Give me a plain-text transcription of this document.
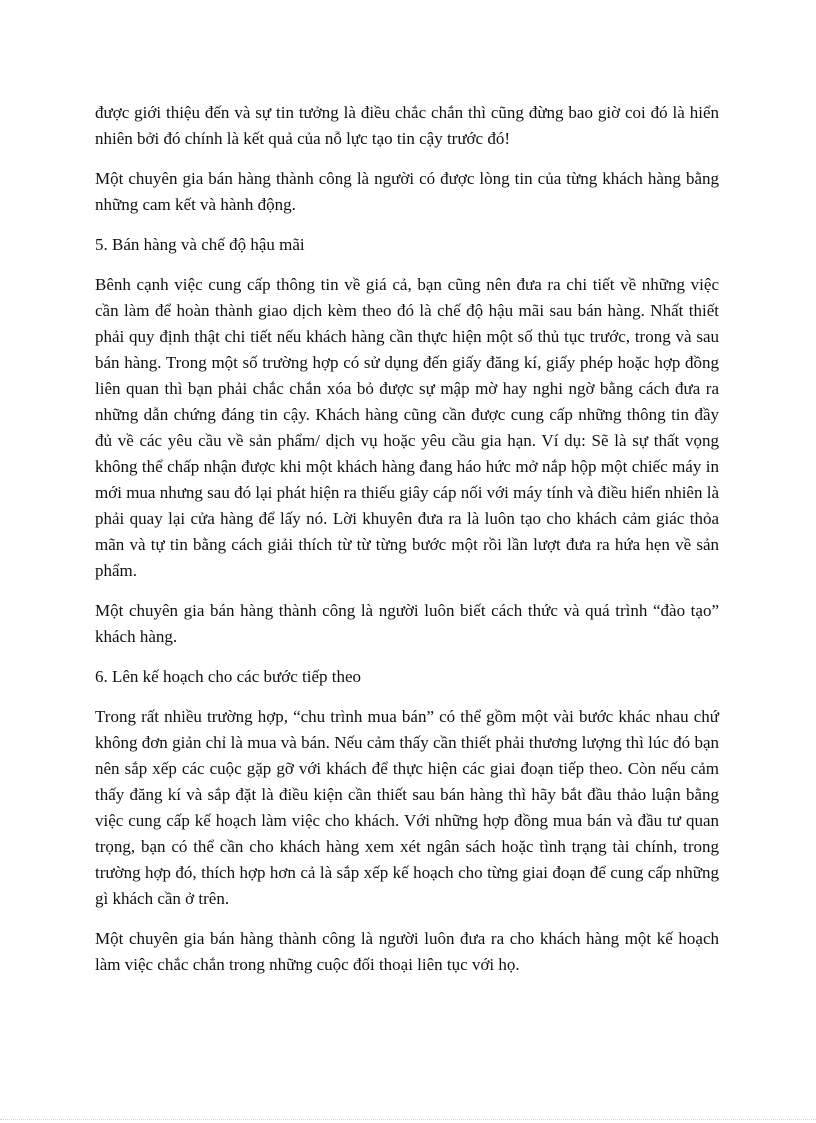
được giới thiệu đến và sự tin tưởng là điều chắc chắn thì cũng đừng bao giờ coi đó là hiển nhiên bởi đó chính là kết quả của nỗ lực tạo tin cậy trước đó!

Một chuyên gia bán hàng thành công là người có được lòng tin của từng khách hàng bằng những cam kết và hành động.

5. Bán hàng và chế độ hậu mãi

Bênh cạnh việc cung cấp thông tin về giá cả, bạn cũng nên đưa ra chi tiết về những việc cần làm để hoàn thành giao dịch kèm theo đó là chế độ hậu mãi sau bán hàng. Nhất thiết phải quy định thật chi tiết nếu khách hàng cần thực hiện một số thủ tục trước, trong và sau bán hàng. Trong một số trường hợp có sử dụng đến giấy đăng kí, giấy phép hoặc hợp đồng liên quan thì bạn phải chắc chắn xóa bỏ được sự mập mờ hay nghi ngờ bằng cách đưa ra những dẫn chứng đáng tin cậy. Khách hàng cũng cần được cung cấp những thông tin đầy đủ về các yêu cầu về sản phẩm/ dịch vụ hoặc yêu cầu gia hạn. Ví dụ: Sẽ là sự thất vọng không thể chấp nhận được khi một khách hàng đang háo hức mở nắp hộp một chiếc máy in mới mua nhưng sau đó lại phát hiện ra thiếu giây cáp nối với máy tính và điều hiển nhiên là phải quay lại cửa hàng để lấy nó. Lời khuyên đưa ra là luôn tạo cho khách cảm giác thỏa mãn và tự tin bằng cách giải thích từ từ từng bước một rồi lần lượt đưa ra hứa hẹn về sản phẩm.

Một chuyên gia bán hàng thành công là người luôn biết cách thức và quá trình “đào tạo” khách hàng.

6. Lên kế hoạch cho các bước tiếp theo

Trong rất nhiều trường hợp, “chu trình mua bán” có thể gồm một vài bước khác nhau chứ không đơn giản chỉ là mua và bán. Nếu cảm thấy cần thiết phải thương lượng thì lúc đó bạn nên sắp xếp các cuộc gặp gỡ với khách để thực hiện các giai đoạn tiếp theo. Còn nếu cảm thấy đăng kí và sắp đặt là điều kiện cần thiết sau bán hàng thì hãy bắt đầu thảo luận bằng việc cung cấp kế hoạch làm việc cho khách. Với những hợp đồng mua bán và đầu tư quan trọng, bạn có thể cần cho khách hàng xem xét ngân sách hoặc tình trạng tài chính, trong trường hợp đó, thích hợp hơn cả là sắp xếp kế hoạch cho từng giai đoạn để cung cấp những gì khách cần ở trên.

Một chuyên gia bán hàng thành công là người luôn đưa ra cho khách hàng một kế hoạch làm việc chắc chắn trong những cuộc đối thoại liên tục với họ.
